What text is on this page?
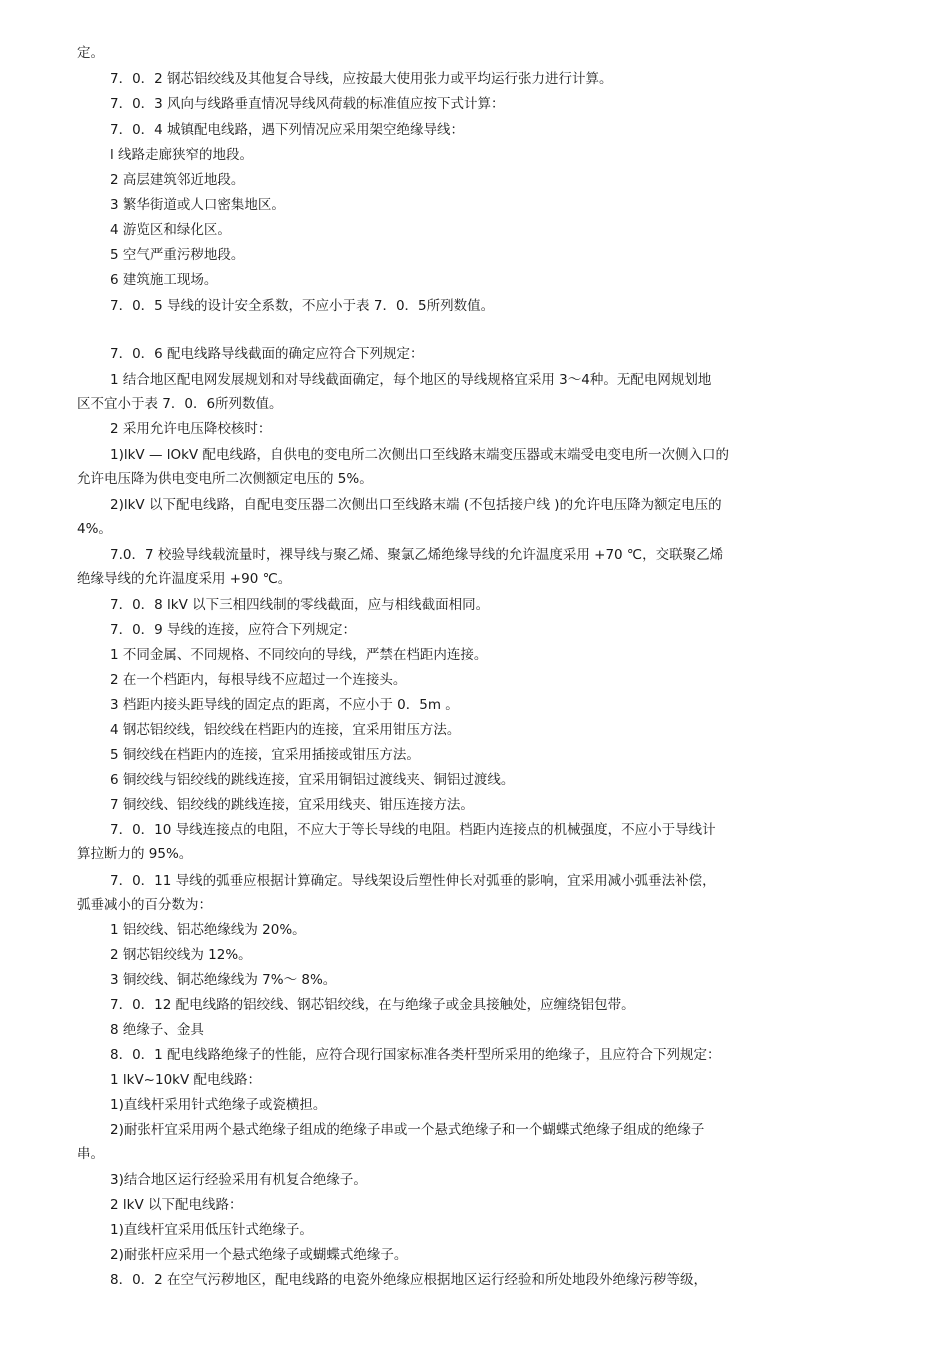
定。
7．0．2 钢芯铝绞线及其他复合导线，应按最大使用张力或平均运行张力进行计算。
7．0．3 风向与线路垂直情况导线风荷载的标准值应按下式计算：
7．0．4 城镇配电线路，遇下列情况应采用架空绝缘导线：
l 线路走廊狭窄的地段。
2 高层建筑邻近地段。
3 繁华街道或人口密集地区。
4 游览区和绿化区。
5 空气严重污秽地段。
6 建筑施工现场。
7．0．5 导线的设计安全系数，不应小于表 7．0．5所列数值。
7．0．6 配电线路导线截面的确定应符合下列规定：
1 结合地区配电网发展规划和对导线截面确定，每个地区的导线规格宜采用 3～4种。无配电网规划地
区不宜小于表 7．0．6所列数值。
2 采用允许电压降校核时：
1)lkV — lOkV 配电线路，自供电的变电所二次侧出口至线路末端变压器或末端受电变电所一次侧入口的
允许电压降为供电变电所二次侧额定电压的 5%。
2)lkV 以下配电线路，自配电变压器二次侧出口至线路末端 (不包括接户线 )的允许电压降为额定电压的
4%。
7.0．7 校验导线载流量时，裸导线与聚乙烯、聚氯乙烯绝缘导线的允许温度采用 +70 ℃，交联聚乙烯
绝缘导线的允许温度采用 +90 ℃。
7．0．8 lkV 以下三相四线制的零线截面，应与相线截面相同。
7．0．9 导线的连接，应符合下列规定：
1 不同金属、不同规格、不同绞向的导线，严禁在档距内连接。
2 在一个档距内，每根导线不应超过一个连接头。
3 档距内接头距导线的固定点的距离，不应小于 0．5m 。
4 钢芯铝绞线，铝绞线在档距内的连接，宜采用钳压方法。
5 铜绞线在档距内的连接，宜采用插接或钳压方法。
6 铜绞线与铝绞线的跳线连接，宜采用铜铝过渡线夹、铜铝过渡线。
7 铜绞线、铝绞线的跳线连接，宜采用线夹、钳压连接方法。
7．0．10 导线连接点的电阻，不应大于等长导线的电阻。档距内连接点的机械强度，不应小于导线计
算拉断力的 95%。
7．0．11 导线的弧垂应根据计算确定。导线架设后塑性伸长对弧垂的影响，宜采用减小弧垂法补偿，
弧垂减小的百分数为：
1 铝绞线、铝芯绝缘线为 20%。
2 钢芯铝绞线为 12%。
3 铜绞线、铜芯绝缘线为 7%～ 8%。
7．0．12 配电线路的铝绞线、钢芯铝绞线，在与绝缘子或金具接触处，应缠绕铝包带。
8 绝缘子、金具
8．0．1 配电线路绝缘子的性能，应符合现行国家标准各类杆型所采用的绝缘子，且应符合下列规定：
1 lkV~10kV 配电线路：
1)直线杆采用针式绝缘子或瓷横担。
2)耐张杆宜采用两个悬式绝缘子组成的绝缘子串或一个悬式绝缘子和一个蝴蝶式绝缘子组成的绝缘子
串。
3)结合地区运行经验采用有机复合绝缘子。
2 lkV 以下配电线路：
1)直线杆宜采用低压针式绝缘子。
2)耐张杆应采用一个悬式绝缘子或蝴蝶式绝缘子。
8．0．2 在空气污秽地区，配电线路的电瓷外绝缘应根据地区运行经验和所处地段外绝缘污秽等级，
